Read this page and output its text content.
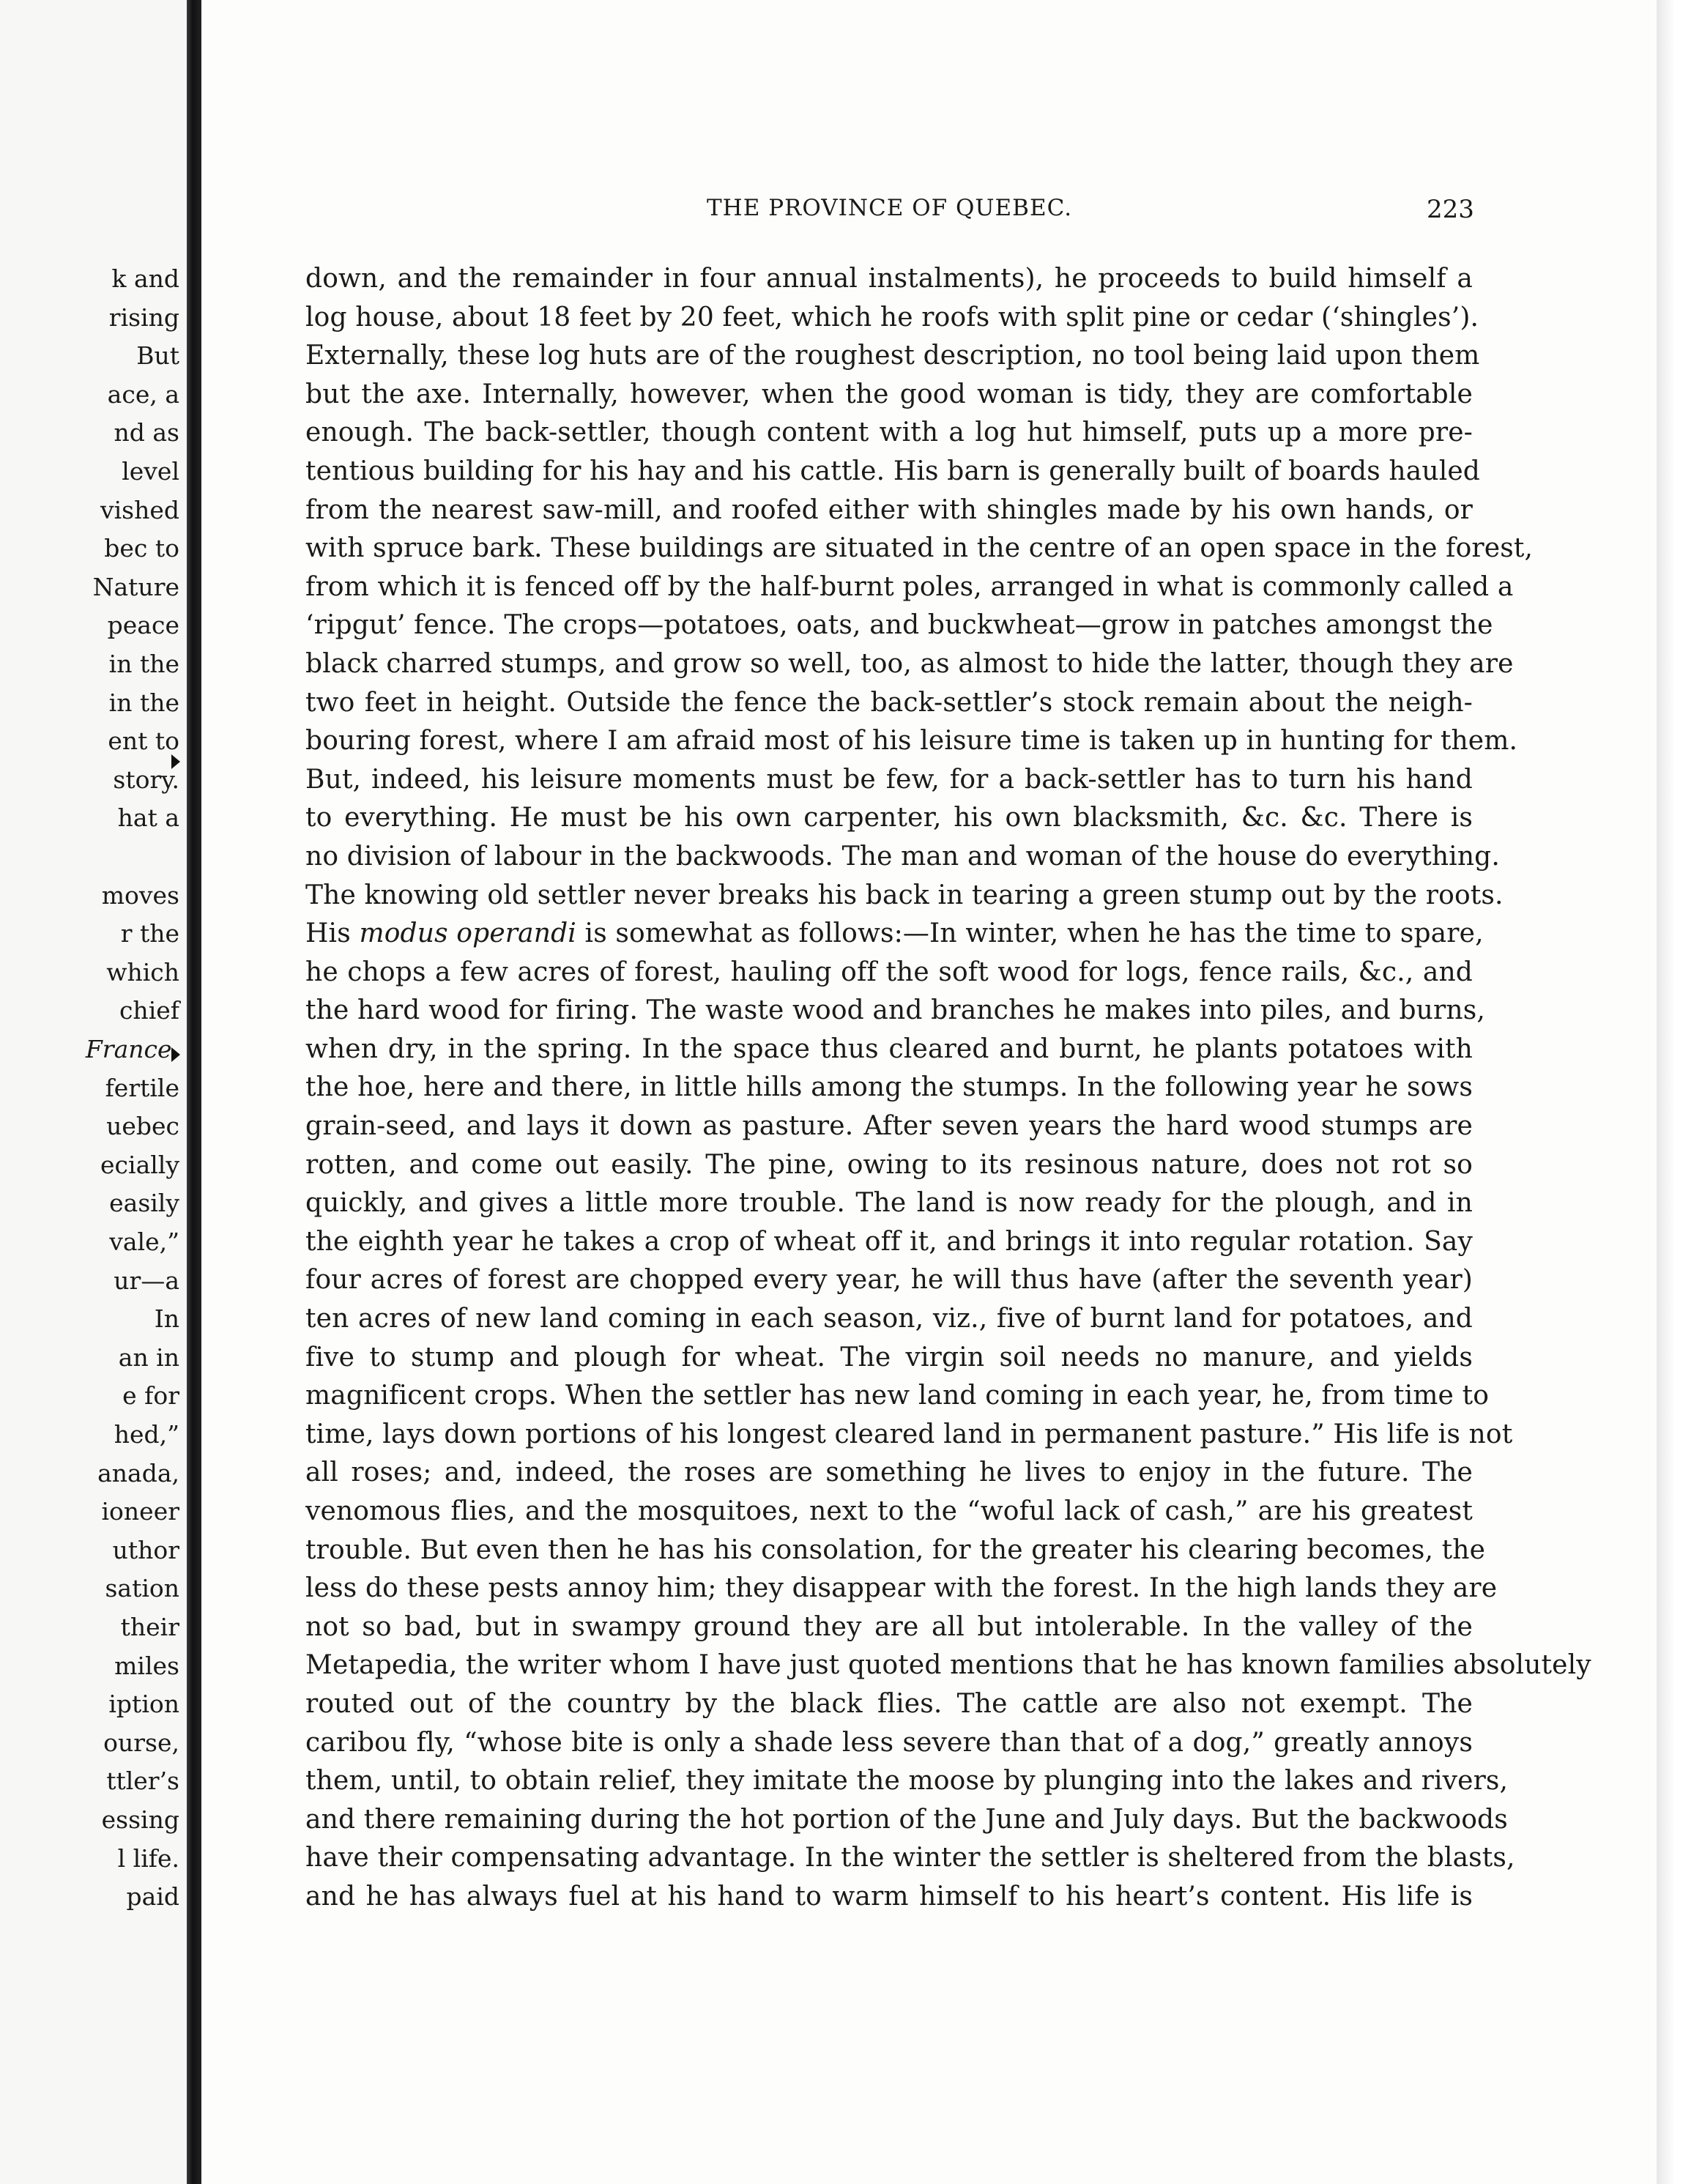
k and
rising
But
ace, a
nd as
level
vished
bec to
Nature
peace
in the
in the
ent to
story.
hat a
moves
r the
which
chief
France.
fertile
uebec
ecially
easily
vale,”
ur—a
In
an in
e for
hed,”
anada,
ioneer
uthor
sation
their
miles
iption
ourse,
ttler’s
essing
l life.
paid
THE PROVINCE OF QUEBEC.	223
down, and the remainder in four annual instalments), he proceeds to build himself a
log house, about 18 feet by 20 feet, which he roofs with split pine or cedar (‘shingles’).
Externally, these log huts are of the roughest description, no tool being laid upon them
but the axe. Internally, however, when the good woman is tidy, they are comfortable
enough. The back-settler, though content with a log hut himself, puts up a more pre-
tentious building for his hay and his cattle. His barn is generally built of boards hauled
from the nearest saw-mill, and roofed either with shingles made by his own hands, or
with spruce bark. These buildings are situated in the centre of an open space in the forest,
from which it is fenced off by the half-burnt poles, arranged in what is commonly called a
‘ripgut’ fence. The crops—potatoes, oats, and buckwheat—grow in patches amongst the
black charred stumps, and grow so well, too, as almost to hide the latter, though they are
two feet in height. Outside the fence the back-settler’s stock remain about the neigh-
bouring forest, where I am afraid most of his leisure time is taken up in hunting for them.
But, indeed, his leisure moments must be few, for a back-settler has to turn his hand
to everything. He must be his own carpenter, his own blacksmith, &c. &c. There is
no division of labour in the backwoods. The man and woman of the house do everything.
The knowing old settler never breaks his back in tearing a green stump out by the roots.
His modus operandi is somewhat as follows:—In winter, when he has the time to spare,
he chops a few acres of forest, hauling off the soft wood for logs, fence rails, &c., and
the hard wood for firing. The waste wood and branches he makes into piles, and burns,
when dry, in the spring. In the space thus cleared and burnt, he plants potatoes with
the hoe, here and there, in little hills among the stumps. In the following year he sows
grain-seed, and lays it down as pasture. After seven years the hard wood stumps are
rotten, and come out easily. The pine, owing to its resinous nature, does not rot so
quickly, and gives a little more trouble. The land is now ready for the plough, and in
the eighth year he takes a crop of wheat off it, and brings it into regular rotation. Say
four acres of forest are chopped every year, he will thus have (after the seventh year)
ten acres of new land coming in each season, viz., five of burnt land for potatoes, and
five to stump and plough for wheat. The virgin soil needs no manure, and yields
magnificent crops. When the settler has new land coming in each year, he, from time to
time, lays down portions of his longest cleared land in permanent pasture.” His life is not
all roses; and, indeed, the roses are something he lives to enjoy in the future. The
venomous flies, and the mosquitoes, next to the “woful lack of cash,” are his greatest
trouble. But even then he has his consolation, for the greater his clearing becomes, the
less do these pests annoy him; they disappear with the forest. In the high lands they are
not so bad, but in swampy ground they are all but intolerable. In the valley of the
Metapedia, the writer whom I have just quoted mentions that he has known families absolutely
routed out of the country by the black flies. The cattle are also not exempt. The
caribou fly, “whose bite is only a shade less severe than that of a dog,” greatly annoys
them, until, to obtain relief, they imitate the moose by plunging into the lakes and rivers,
and there remaining during the hot portion of the June and July days. But the backwoods
have their compensating advantage. In the winter the settler is sheltered from the blasts,
and he has always fuel at his hand to warm himself to his heart’s content. His life is
